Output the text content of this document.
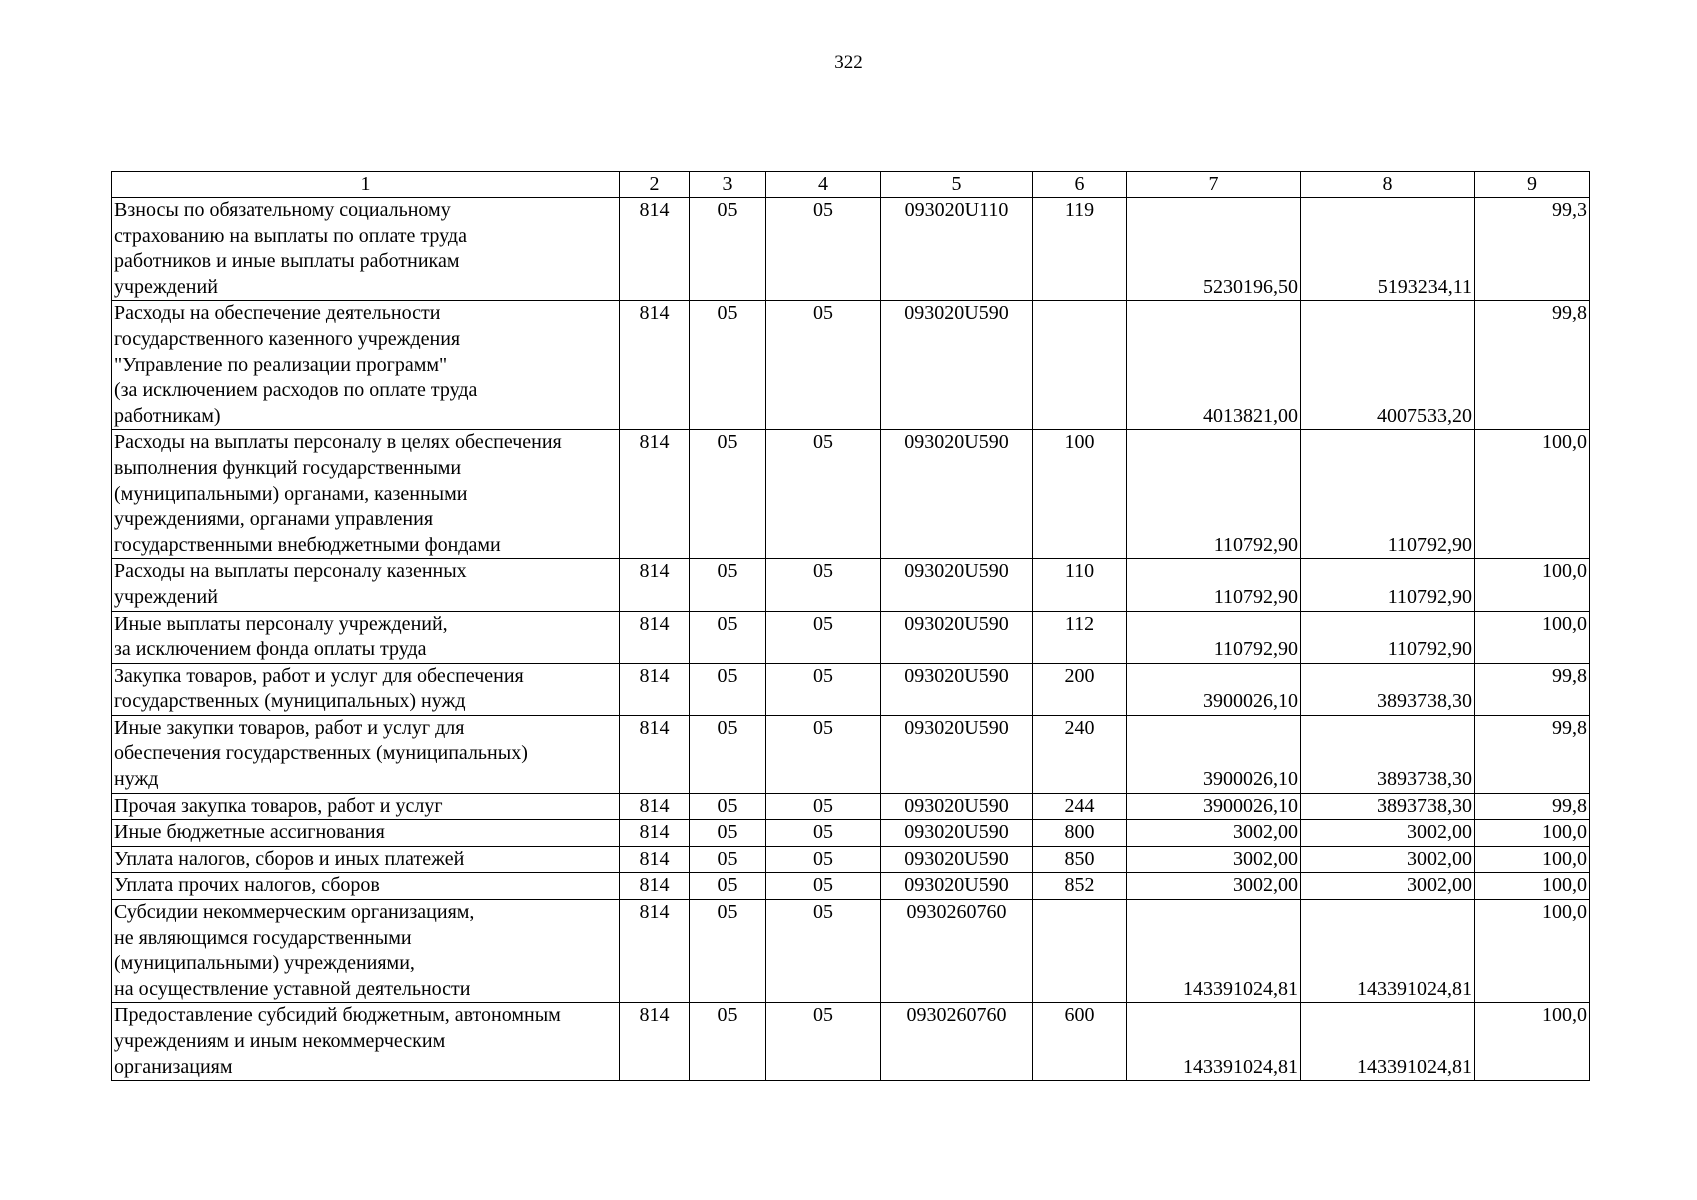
322
1	2	3	4	5	6	7	8	9
Взносы по обязательному социальному
страхованию на выплаты по оплате труда
работников и иные выплаты работникам
учреждений	814	05	05	093020U110	119	5230196,50	5193234,11	99,3
Расходы на обеспечение деятельности
государственного казенного учреждения
"Управление по реализации программ"
(за исключением расходов по оплате труда
работникам)	814	05	05	093020U590		4013821,00	4007533,20	99,8
Расходы на выплаты персоналу в целях обеспечения
выполнения функций государственными
(муниципальными) органами, казенными
учреждениями, органами управления
государственными внебюджетными фондами	814	05	05	093020U590	100	110792,90	110792,90	100,0
Расходы на выплаты персоналу казенных
учреждений	814	05	05	093020U590	110	110792,90	110792,90	100,0
Иные выплаты персоналу учреждений,
за исключением фонда оплаты труда	814	05	05	093020U590	112	110792,90	110792,90	100,0
Закупка товаров, работ и услуг для обеспечения
государственных (муниципальных) нужд	814	05	05	093020U590	200	3900026,10	3893738,30	99,8
Иные закупки товаров, работ и услуг для
обеспечения государственных (муниципальных)
нужд	814	05	05	093020U590	240	3900026,10	3893738,30	99,8
Прочая закупка товаров, работ и услуг	814	05	05	093020U590	244	3900026,10	3893738,30	99,8
Иные бюджетные ассигнования	814	05	05	093020U590	800	3002,00	3002,00	100,0
Уплата налогов, сборов и иных платежей	814	05	05	093020U590	850	3002,00	3002,00	100,0
Уплата прочих налогов, сборов	814	05	05	093020U590	852	3002,00	3002,00	100,0
Субсидии некоммерческим организациям,
не являющимся государственными
(муниципальными) учреждениями,
на осуществление уставной деятельности	814	05	05	0930260760		143391024,81	143391024,81	100,0
Предоставление субсидий бюджетным, автономным
учреждениям и иным некоммерческим
организациям	814	05	05	0930260760	600	143391024,81	143391024,81	100,0
